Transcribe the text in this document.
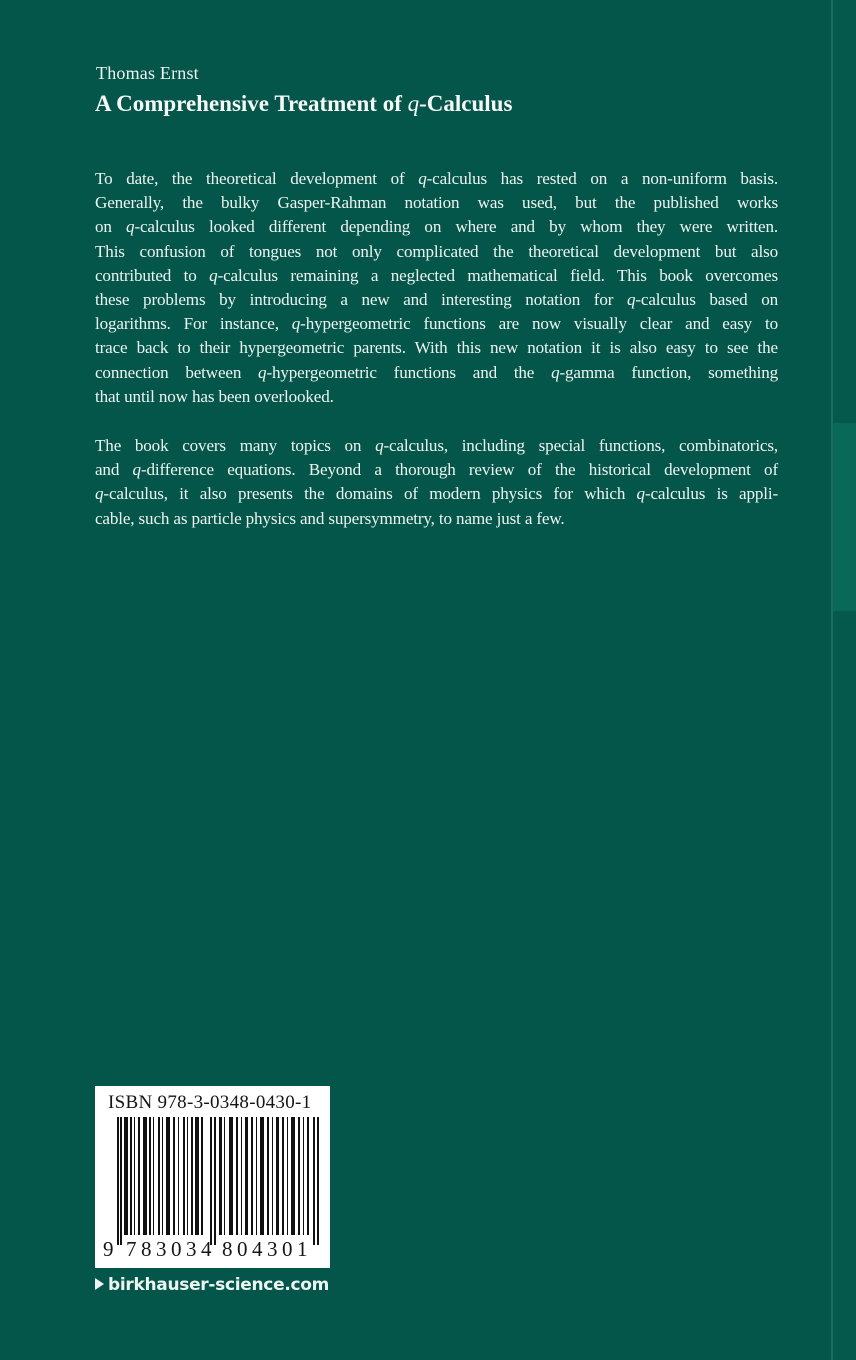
Thomas Ernst
A Comprehensive Treatment of q-Calculus

To date, the theoretical development of q-calculus has rested on a non-uniform basis.
Generally, the bulky Gasper-Rahman notation was used, but the published works
on q-calculus looked different depending on where and by whom they were written.
This confusion of tongues not only complicated the theoretical development but also
contributed to q-calculus remaining a neglected mathematical field. This book overcomes
these problems by introducing a new and interesting notation for q-calculus based on
logarithms. For instance, q-hypergeometric functions are now visually clear and easy to
trace back to their hypergeometric parents. With this new notation it is also easy to see the
connection between q-hypergeometric functions and the q-gamma function, something
that until now has been overlooked.

The book covers many topics on q-calculus, including special functions, combinatorics,
and q-difference equations. Beyond a thorough review of the historical development of
q-calculus, it also presents the domains of modern physics for which q-calculus is appli-
cable, such as particle physics and supersymmetry, to name just a few.

ISBN 978-3-0348-0430-1
9 783034 804301
birkhauser-science.com
